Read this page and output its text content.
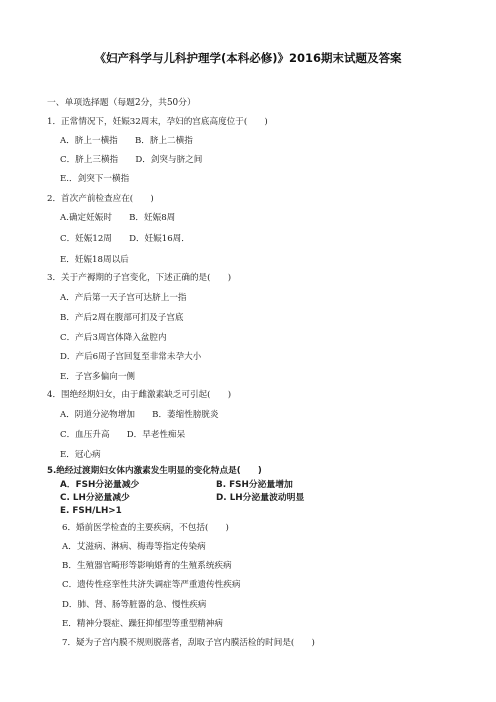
《妇产科学与儿科护理学(本科必修)》2016期末试题及答案
一、单项选择题（每题2分，共50分）
1．正常情况下，妊娠32周末，孕妇的宫底高度位于(　　)
A．脐上一横指　　B．脐上二横指
C．脐上三横指　　D．剑突与脐之间
E.．剑突下一横指
2．首次产前检查应在(　　)
A.确定妊娠时　　B．妊娠8周
C．妊娠12周　　D．妊娠16周．
E．妊娠18周以后
3．关于产褥期的子宫变化，下述正确的是(　　)
A．产后第一天子宫可达脐上一指
B．产后2周在腹部可扪及子宫底
C．产后3周宫体降入盆腔内
D．产后6周子宫回复至非常未孕大小
E．子宫多偏向一侧
4．围绝经期妇女，由于雌激素缺乏可引起(　　)
A．阴道分泌物增加　　B．萎缩性膀胱炎
C．血压升高　　D．早老性痴呆
E．冠心病
5.绝经过渡期妇女体内激素发生明显的变化特点是(　　)
A．FSH分泌量减少	B. FSH分泌量增加
C. LH分泌量减少	D. LH分泌量波动明显
E. FSH/LH>1
6．婚前医学检查的主要疾病，不包括(　　)
A．艾滋病、淋病、梅毒等指定传染病
B．生殖器官畸形等影响婚育的生殖系统疾病
C．遗传性痉挛性共济失调症等严重遗传性疾病
D．肺、肾、肠等脏器的急、慢性疾病
E．精神分裂症、躁狂抑郁型等重型精神病
7．疑为子宫内膜不规则脱落者，刮取子宫内膜活检的时间是(　　)
